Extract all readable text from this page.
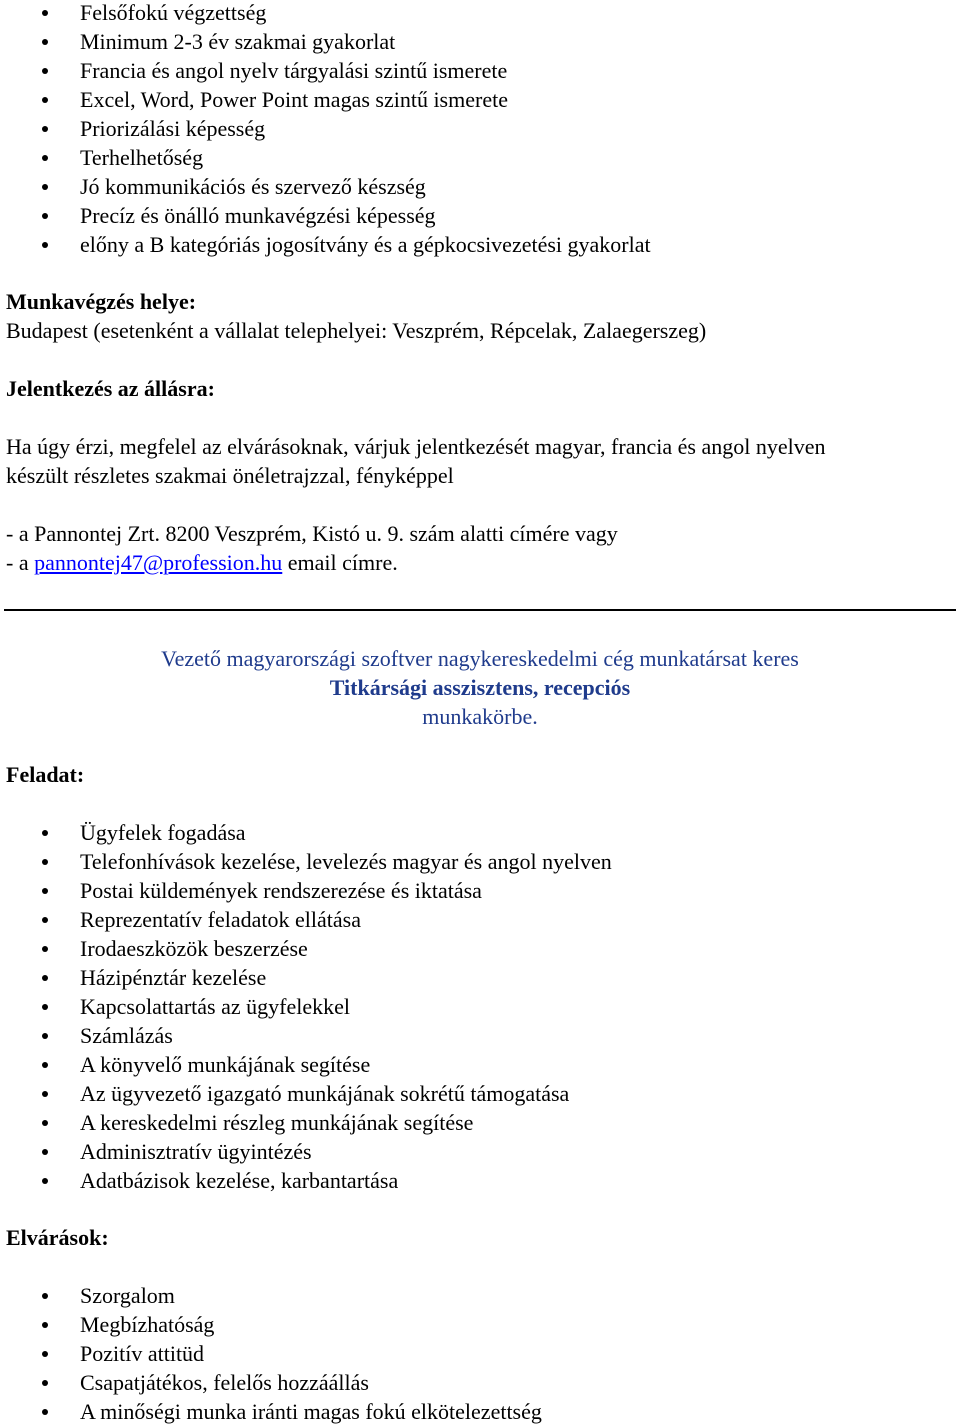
Felsőfokú végzettség
Minimum 2-3 év szakmai gyakorlat
Francia és angol nyelv tárgyalási szintű ismerete
Excel, Word, Power Point magas szintű ismerete
Priorizálási képesség
Terhelhetőség
Jó kommunikációs és szervező készség
Precíz és önálló munkavégzési képesség
előny a B kategóriás jogosítvány és a gépkocsivezetési gyakorlat
Munkavégzés helye:
Budapest (esetenként a vállalat telephelyei: Veszprém, Répcelak, Zalaegerszeg)
Jelentkezés az állásra:
Ha úgy érzi, megfelel az elvárásoknak, várjuk jelentkezését magyar, francia és angol nyelven
készült részletes szakmai önéletrajzzal, fényképpel
- a Pannontej Zrt. 8200 Veszprém, Kistó u. 9. szám alatti címére vagy
- a pannontej47@profession.hu email címre.
Vezető magyarországi szoftver nagykereskedelmi cég munkatársat keres
Titkársági asszisztens, recepciós
munkakörbe.
Feladat:
Ügyfelek fogadása
Telefonhívások kezelése, levelezés magyar és angol nyelven
Postai küldemények rendszerezése és iktatása
Reprezentatív feladatok ellátása
Irodaeszközök beszerzése
Házipénztár kezelése
Kapcsolattartás az ügyfelekkel
Számlázás
A könyvelő munkájának segítése
Az ügyvezető igazgató munkájának sokrétű támogatása
A kereskedelmi részleg munkájának segítése
Adminisztratív ügyintézés
Adatbázisok kezelése, karbantartása
Elvárások:
Szorgalom
Megbízhatóság
Pozitív attitüd
Csapatjátékos, felelős hozzáállás
A minőségi munka iránti magas fokú elkötelezettség
